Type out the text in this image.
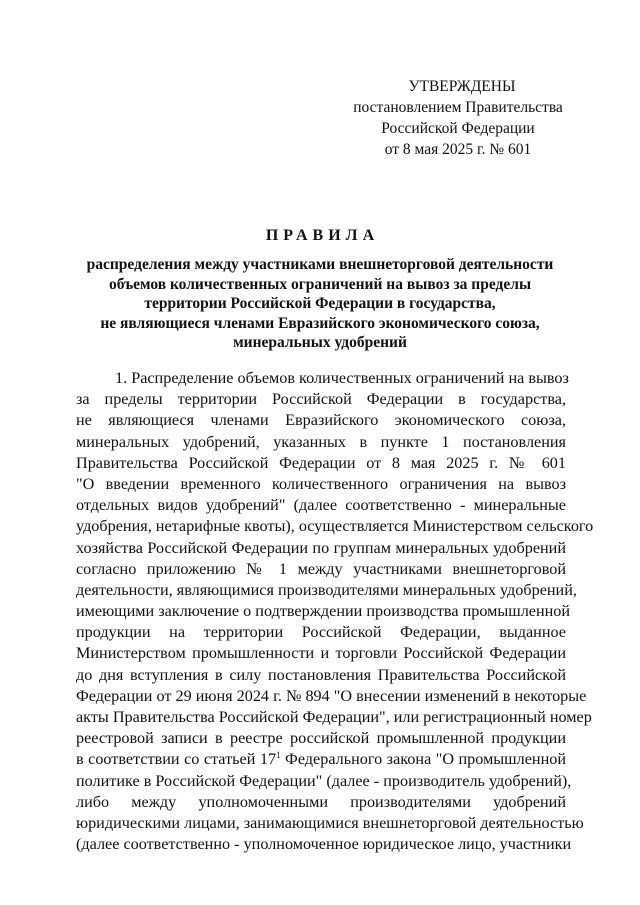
УТВЕРЖДЕНЫ
постановлением Правительства
Российской Федерации
от 8 мая 2025 г. № 601
ПРАВИЛА
распределения между участниками внешнеторговой деятельности
объемов количественных ограничений на вывоз за пределы
территории Российской Федерации в государства,
не являющиеся членами Евразийского экономического союза,
минеральных удобрений
1. Распределение объемов количественных ограничений на вывоз
за пределы территории Российской Федерации в государства,
не являющиеся членами Евразийского экономического союза,
минеральных удобрений, указанных в пункте 1 постановления
Правительства Российской Федерации от 8 мая 2025 г. № 601
"О введении временного количественного ограничения на вывоз
отдельных видов удобрений" (далее соответственно - минеральные
удобрения, нетарифные квоты), осуществляется Министерством сельского
хозяйства Российской Федерации по группам минеральных удобрений
согласно приложению № 1 между участниками внешнеторговой
деятельности, являющимися производителями минеральных удобрений,
имеющими заключение о подтверждении производства промышленной
продукции на территории Российской Федерации, выданное
Министерством промышленности и торговли Российской Федерации
до дня вступления в силу постановления Правительства Российской
Федерации от 29 июня 2024 г. № 894 "О внесении изменений в некоторые
акты Правительства Российской Федерации", или регистрационный номер
реестровой записи в реестре российской промышленной продукции
в соответствии со статьей 17$^1$ Федерального закона "О промышленной
политике в Российской Федерации" (далее - производитель удобрений),
либо между уполномоченными производителями удобрений
юридическими лицами, занимающимися внешнеторговой деятельностью
(далее соответственно - уполномоченное юридическое лицо, участники
